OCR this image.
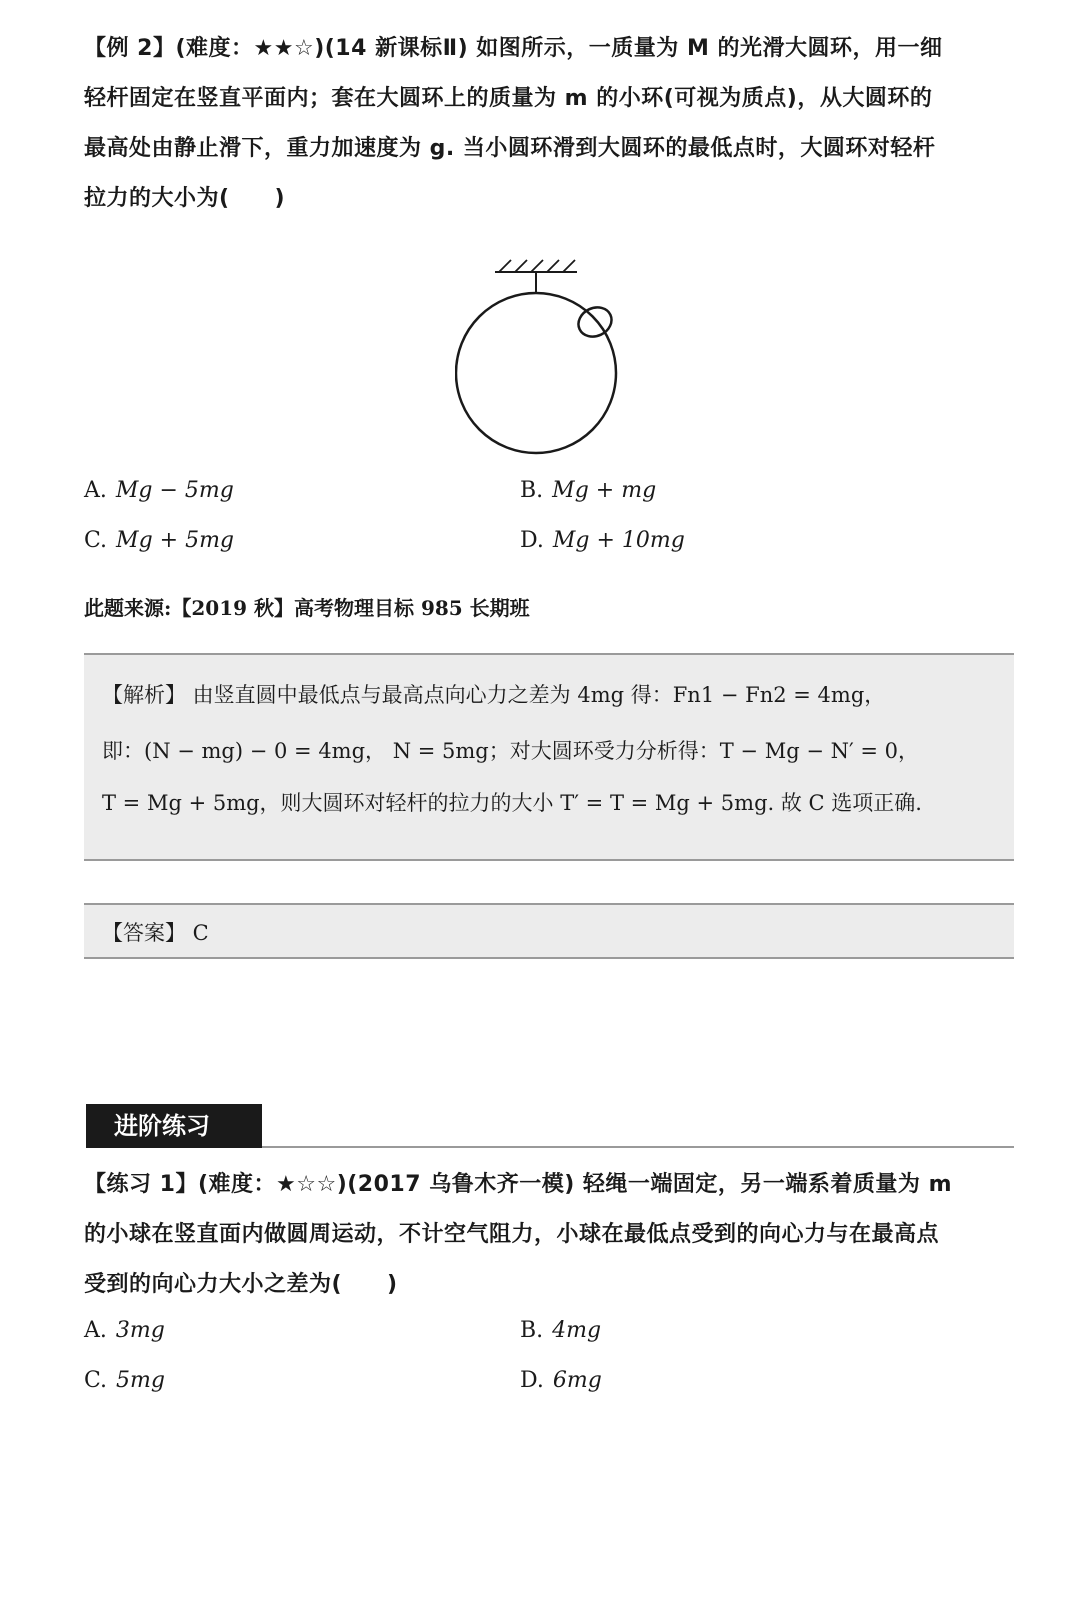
【例 2】(难度：★★☆)(14 新课标Ⅱ) 如图所示，一质量为 M 的光滑大圆环，用一细

轻杆固定在竖直平面内；套在大圆环上的质量为 m 的小环(可视为质点)，从大圆环的

最高处由静止滑下，重力加速度为 g. 当小圆环滑到大圆环的最低点时，大圆环对轻杆

拉力的大小为(　　)

A. Mg − 5mg	B. Mg + mg
C. Mg + 5mg	D. Mg + 10mg
此题来源:【2019 秋】高考物理目标 985 长期班

【解析】 由竖直圆中最低点与最高点向心力之差为 4mg 得：Fn1 − Fn2 = 4mg，

即：(N − mg) − 0 = 4mg， N = 5mg；对大圆环受力分析得：T − Mg − N′ = 0，

T = Mg + 5mg，则大圆环对轻杆的拉力的大小 T′ = T = Mg + 5mg. 故 C 选项正确.

【答案】 C
进阶练习

【练习 1】(难度：★☆☆)(2017 乌鲁木齐一模) 轻绳一端固定，另一端系着质量为 m

的小球在竖直面内做圆周运动，不计空气阻力，小球在最低点受到的向心力与在最高点

受到的向心力大小之差为(　　)

A. 3mg	B. 4mg
C. 5mg	D. 6mg
